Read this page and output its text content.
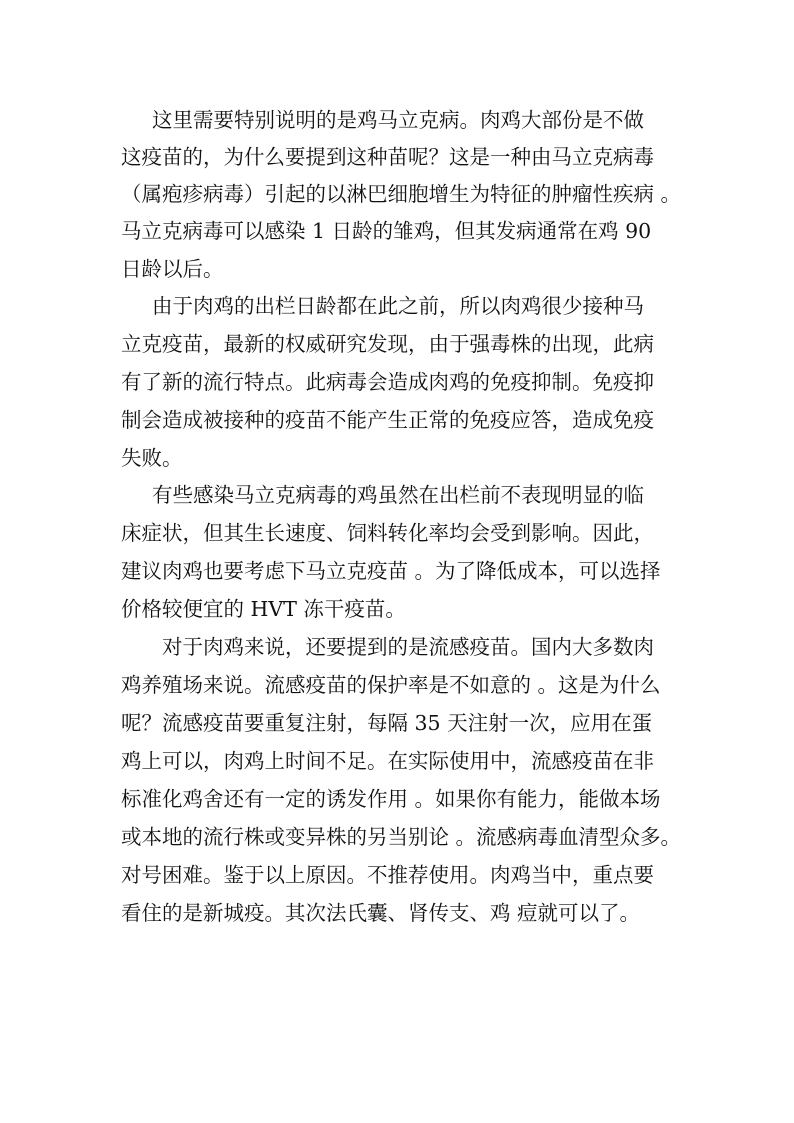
这里需要特别说明的是鸡马立克病。肉鸡大部份是不做
这疫苗的，为什么要提到这种苗呢？这是一种由马立克病毒
（属疱疹病毒）引起的以淋巴细胞增生为特征的肿瘤性疾病 。
马立克病毒可以感染 1 日龄的雏鸡，但其发病通常在鸡 90
日龄以后。
由于肉鸡的出栏日龄都在此之前，所以肉鸡很少接种马
立克疫苗，最新的权威研究发现，由于强毒株的出现，此病
有了新的流行特点。此病毒会造成肉鸡的免疫抑制。免疫抑
制会造成被接种的疫苗不能产生正常的免疫应答，造成免疫
失败。
有些感染马立克病毒的鸡虽然在出栏前不表现明显的临
床症状，但其生长速度、饲料转化率均会受到影响。因此，
建议肉鸡也要考虑下马立克疫苗 。为了降低成本，可以选择
价格较便宜的 HVT 冻干疫苗。
对于肉鸡来说，还要提到的是流感疫苗。国内大多数肉
鸡养殖场来说。流感疫苗的保护率是不如意的 。这是为什么
呢？流感疫苗要重复注射，每隔 35 天注射一次，应用在蛋
鸡上可以，肉鸡上时间不足。在实际使用中，流感疫苗在非
标准化鸡舍还有一定的诱发作用 。如果你有能力，能做本场
或本地的流行株或变异株的另当别论 。流感病毒血清型众多。
对号困难。鉴于以上原因。不推荐使用。肉鸡当中，重点要
看住的是新城疫。其次法氏囊、肾传支、鸡 痘就可以了。
